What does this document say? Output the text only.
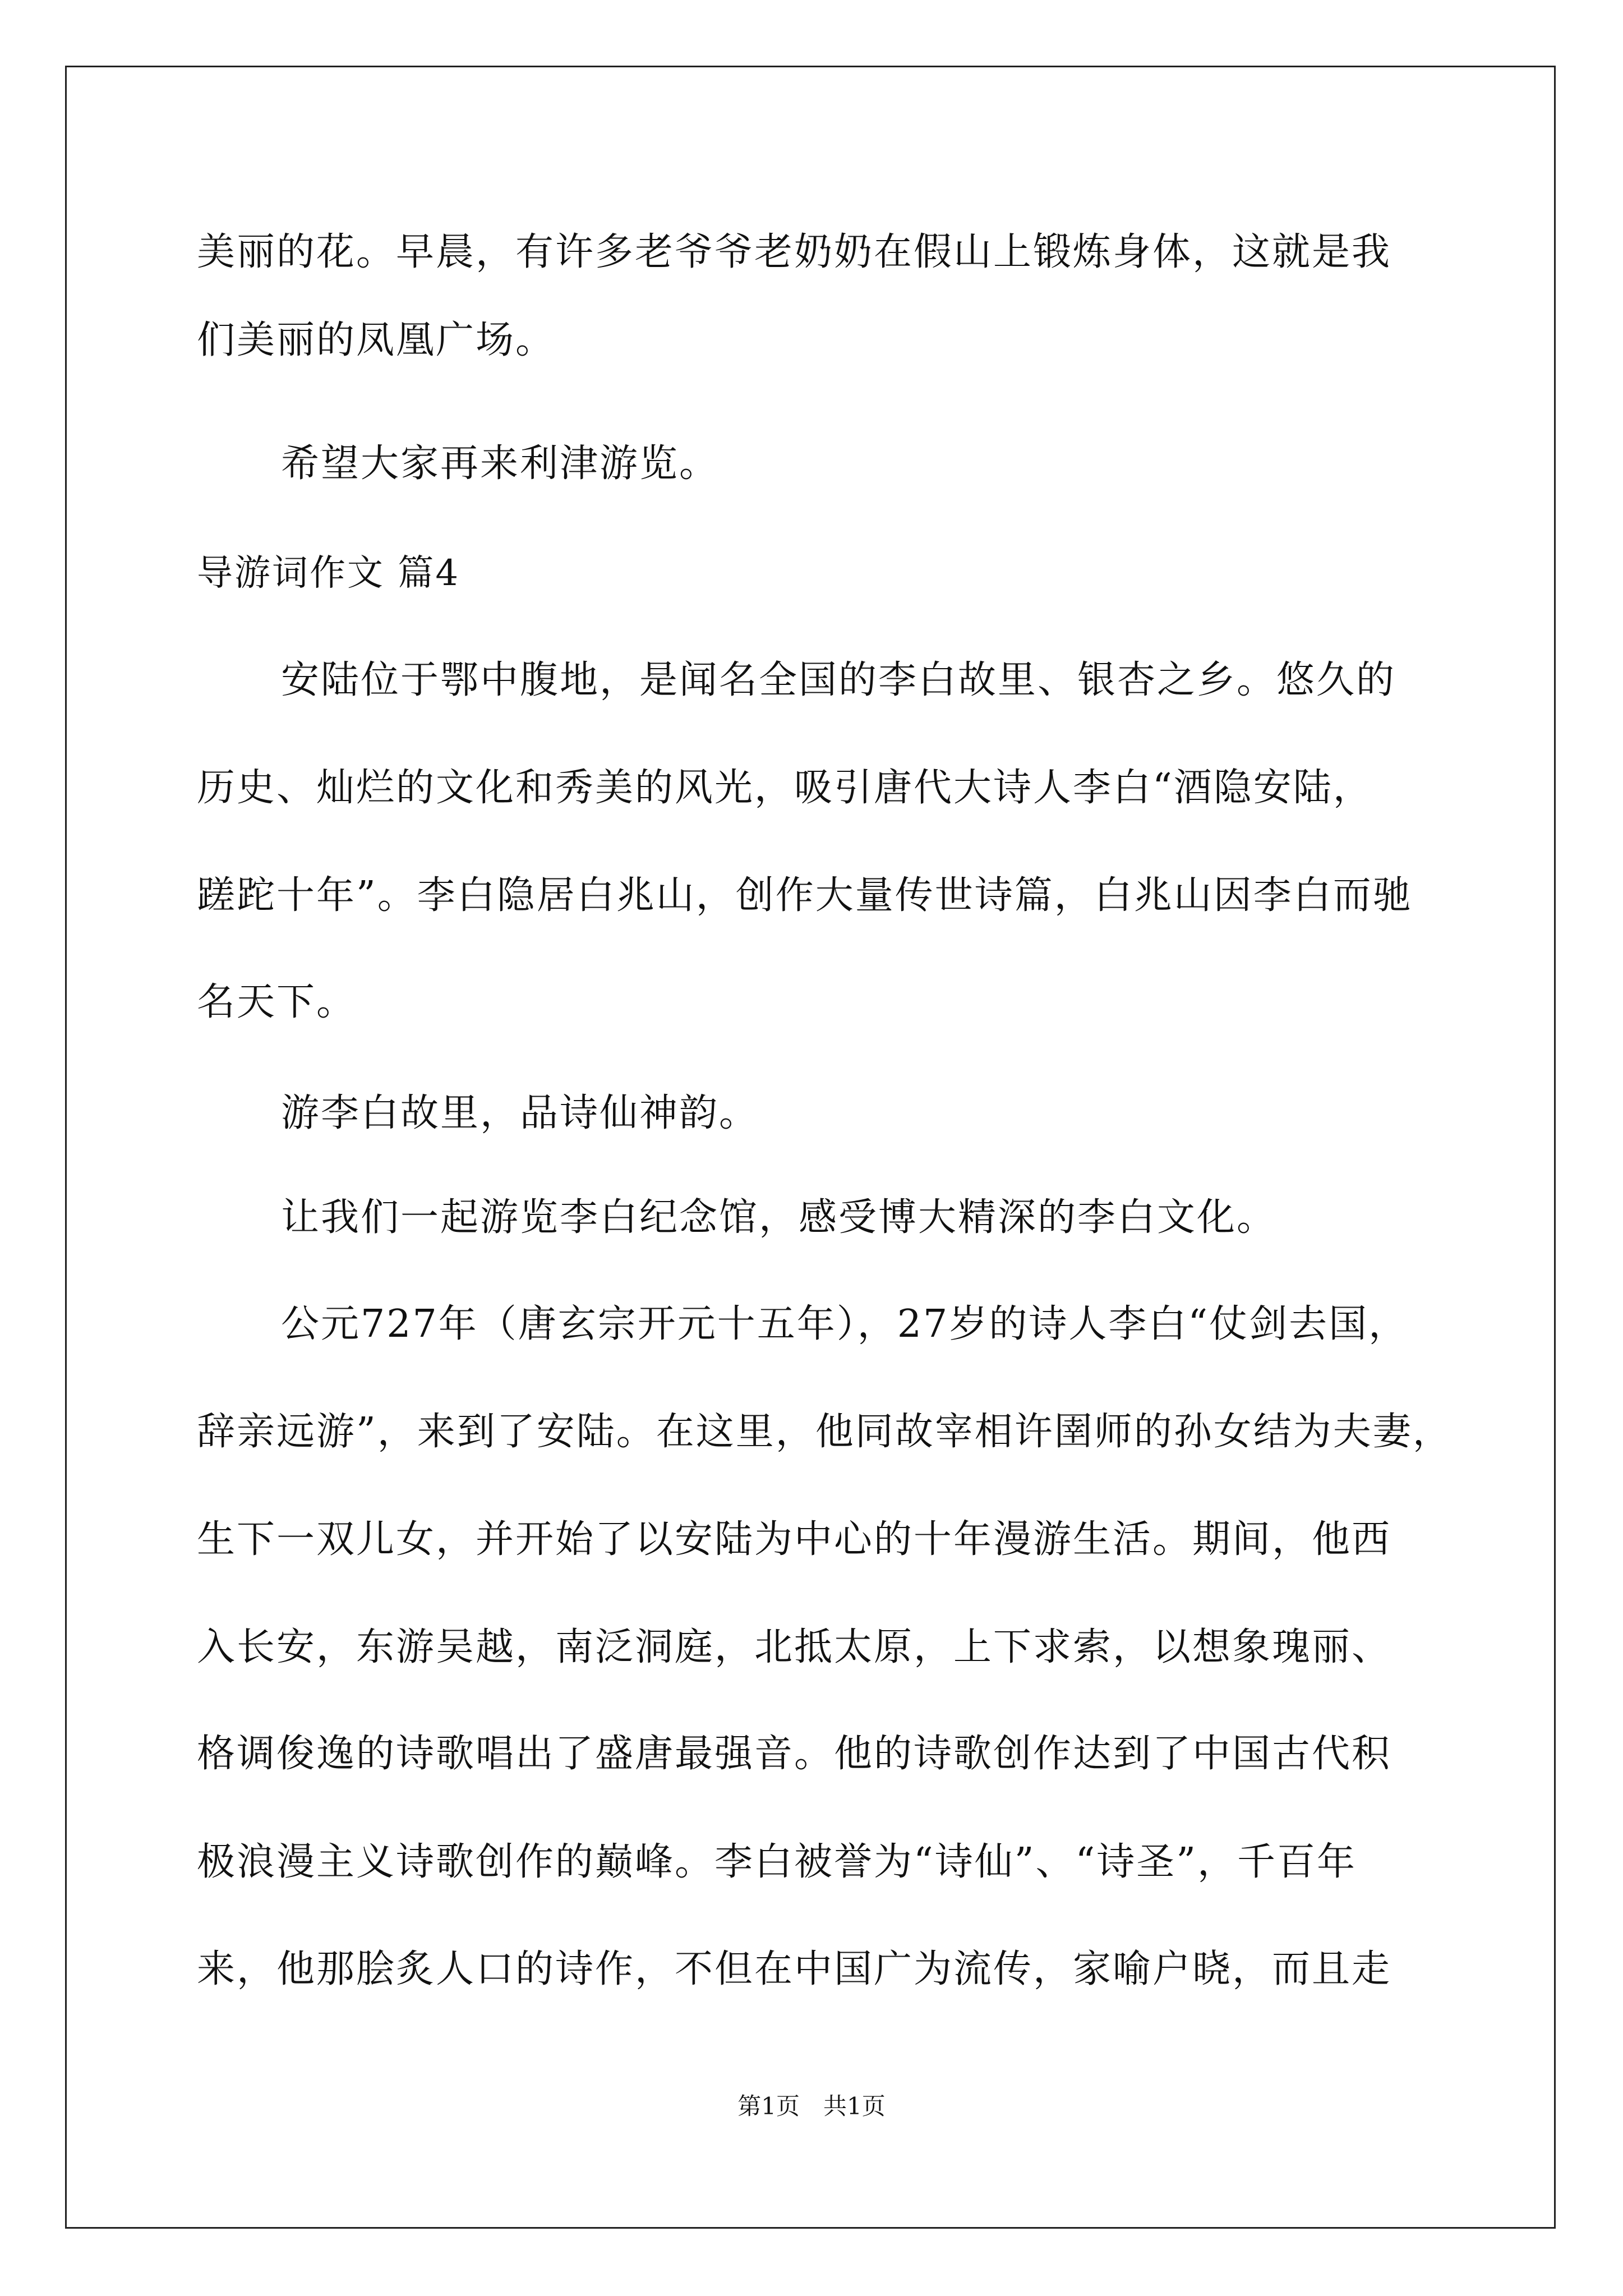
美丽的花。早晨，有许多老爷爷老奶奶在假山上锻炼身体，这就是我
们美丽的凤凰广场。
希望大家再来利津游览。
导游词作文 篇4
安陆位于鄂中腹地，是闻名全国的李白故里、银杏之乡。悠久的
历史、灿烂的文化和秀美的风光，吸引唐代大诗人李白“酒隐安陆，
蹉跎十年”。李白隐居白兆山，创作大量传世诗篇，白兆山因李白而驰
名天下。
游李白故里，品诗仙神韵。
让我们一起游览李白纪念馆，感受博大精深的李白文化。
公元727年（唐玄宗开元十五年），27岁的诗人李白“仗剑去国，
辞亲远游”，来到了安陆。在这里，他同故宰相许圉师的孙女结为夫妻，
生下一双儿女，并开始了以安陆为中心的十年漫游生活。期间，他西
入长安，东游吴越，南泛洞庭，北抵太原，上下求索，以想象瑰丽、
格调俊逸的诗歌唱出了盛唐最强音。他的诗歌创作达到了中国古代积
极浪漫主义诗歌创作的巅峰。李白被誉为“诗仙”、“诗圣”，千百年
来，他那脍炙人口的诗作，不但在中国广为流传，家喻户晓，而且走
第1页　共1页
